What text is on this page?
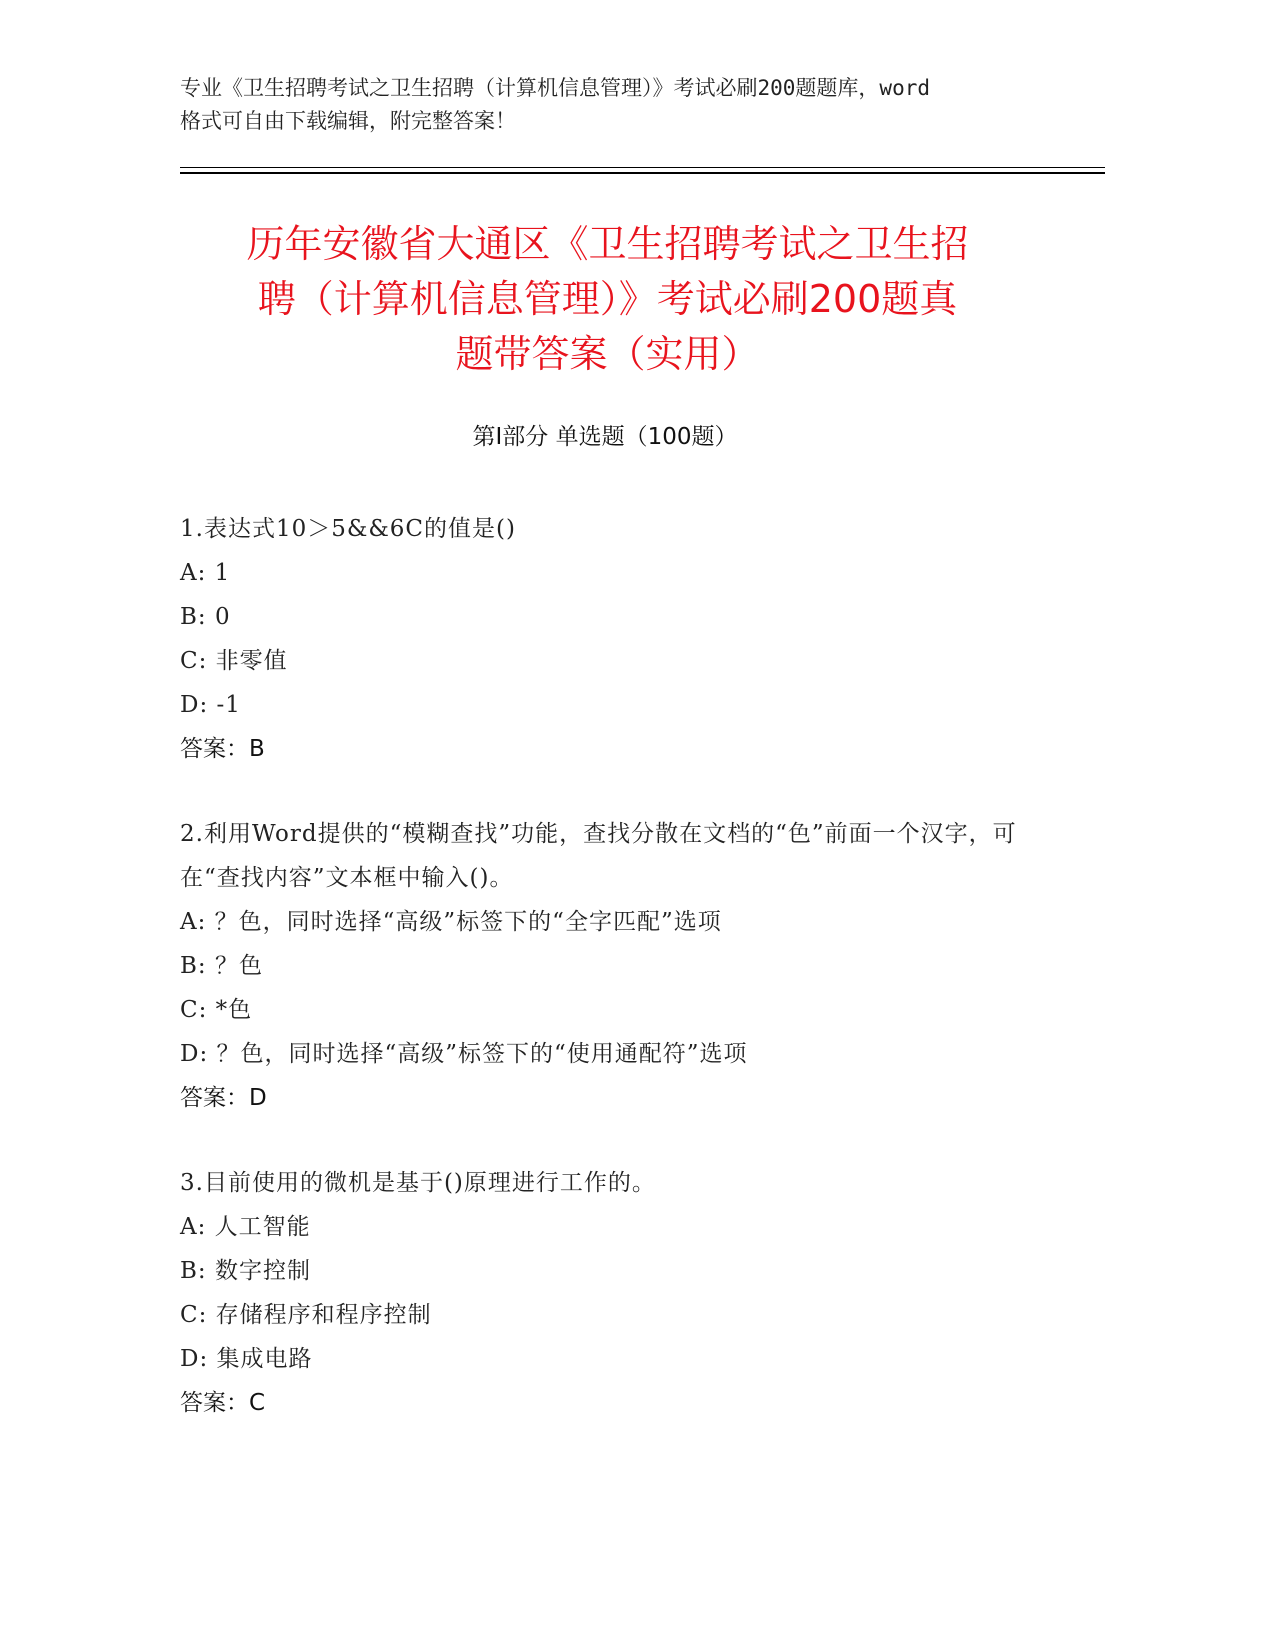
专业《卫生招聘考试之卫生招聘（计算机信息管理）》考试必刷200题题库，word
格式可自由下载编辑，附完整答案！
历年安徽省大通区《卫生招聘考试之卫生招
聘（计算机信息管理）》考试必刷200题真
题带答案（实用）
第Ⅰ部分 单选题（100题）
1.表达式10＞5&&6C的值是()
A: 1
B: 0
C: 非零值
D: -1
答案：B
2.利用Word提供的“模糊查找”功能，查找分散在文档的“色”前面一个汉字，可在“查找内容”文本框中输入()。
A: ？色，同时选择“高级”标签下的“全字匹配”选项
B: ？色
C: *色
D: ？色，同时选择“高级”标签下的“使用通配符”选项
答案：D
3.目前使用的微机是基于()原理进行工作的。
A: 人工智能
B: 数字控制
C: 存储程序和程序控制
D: 集成电路
答案：C
